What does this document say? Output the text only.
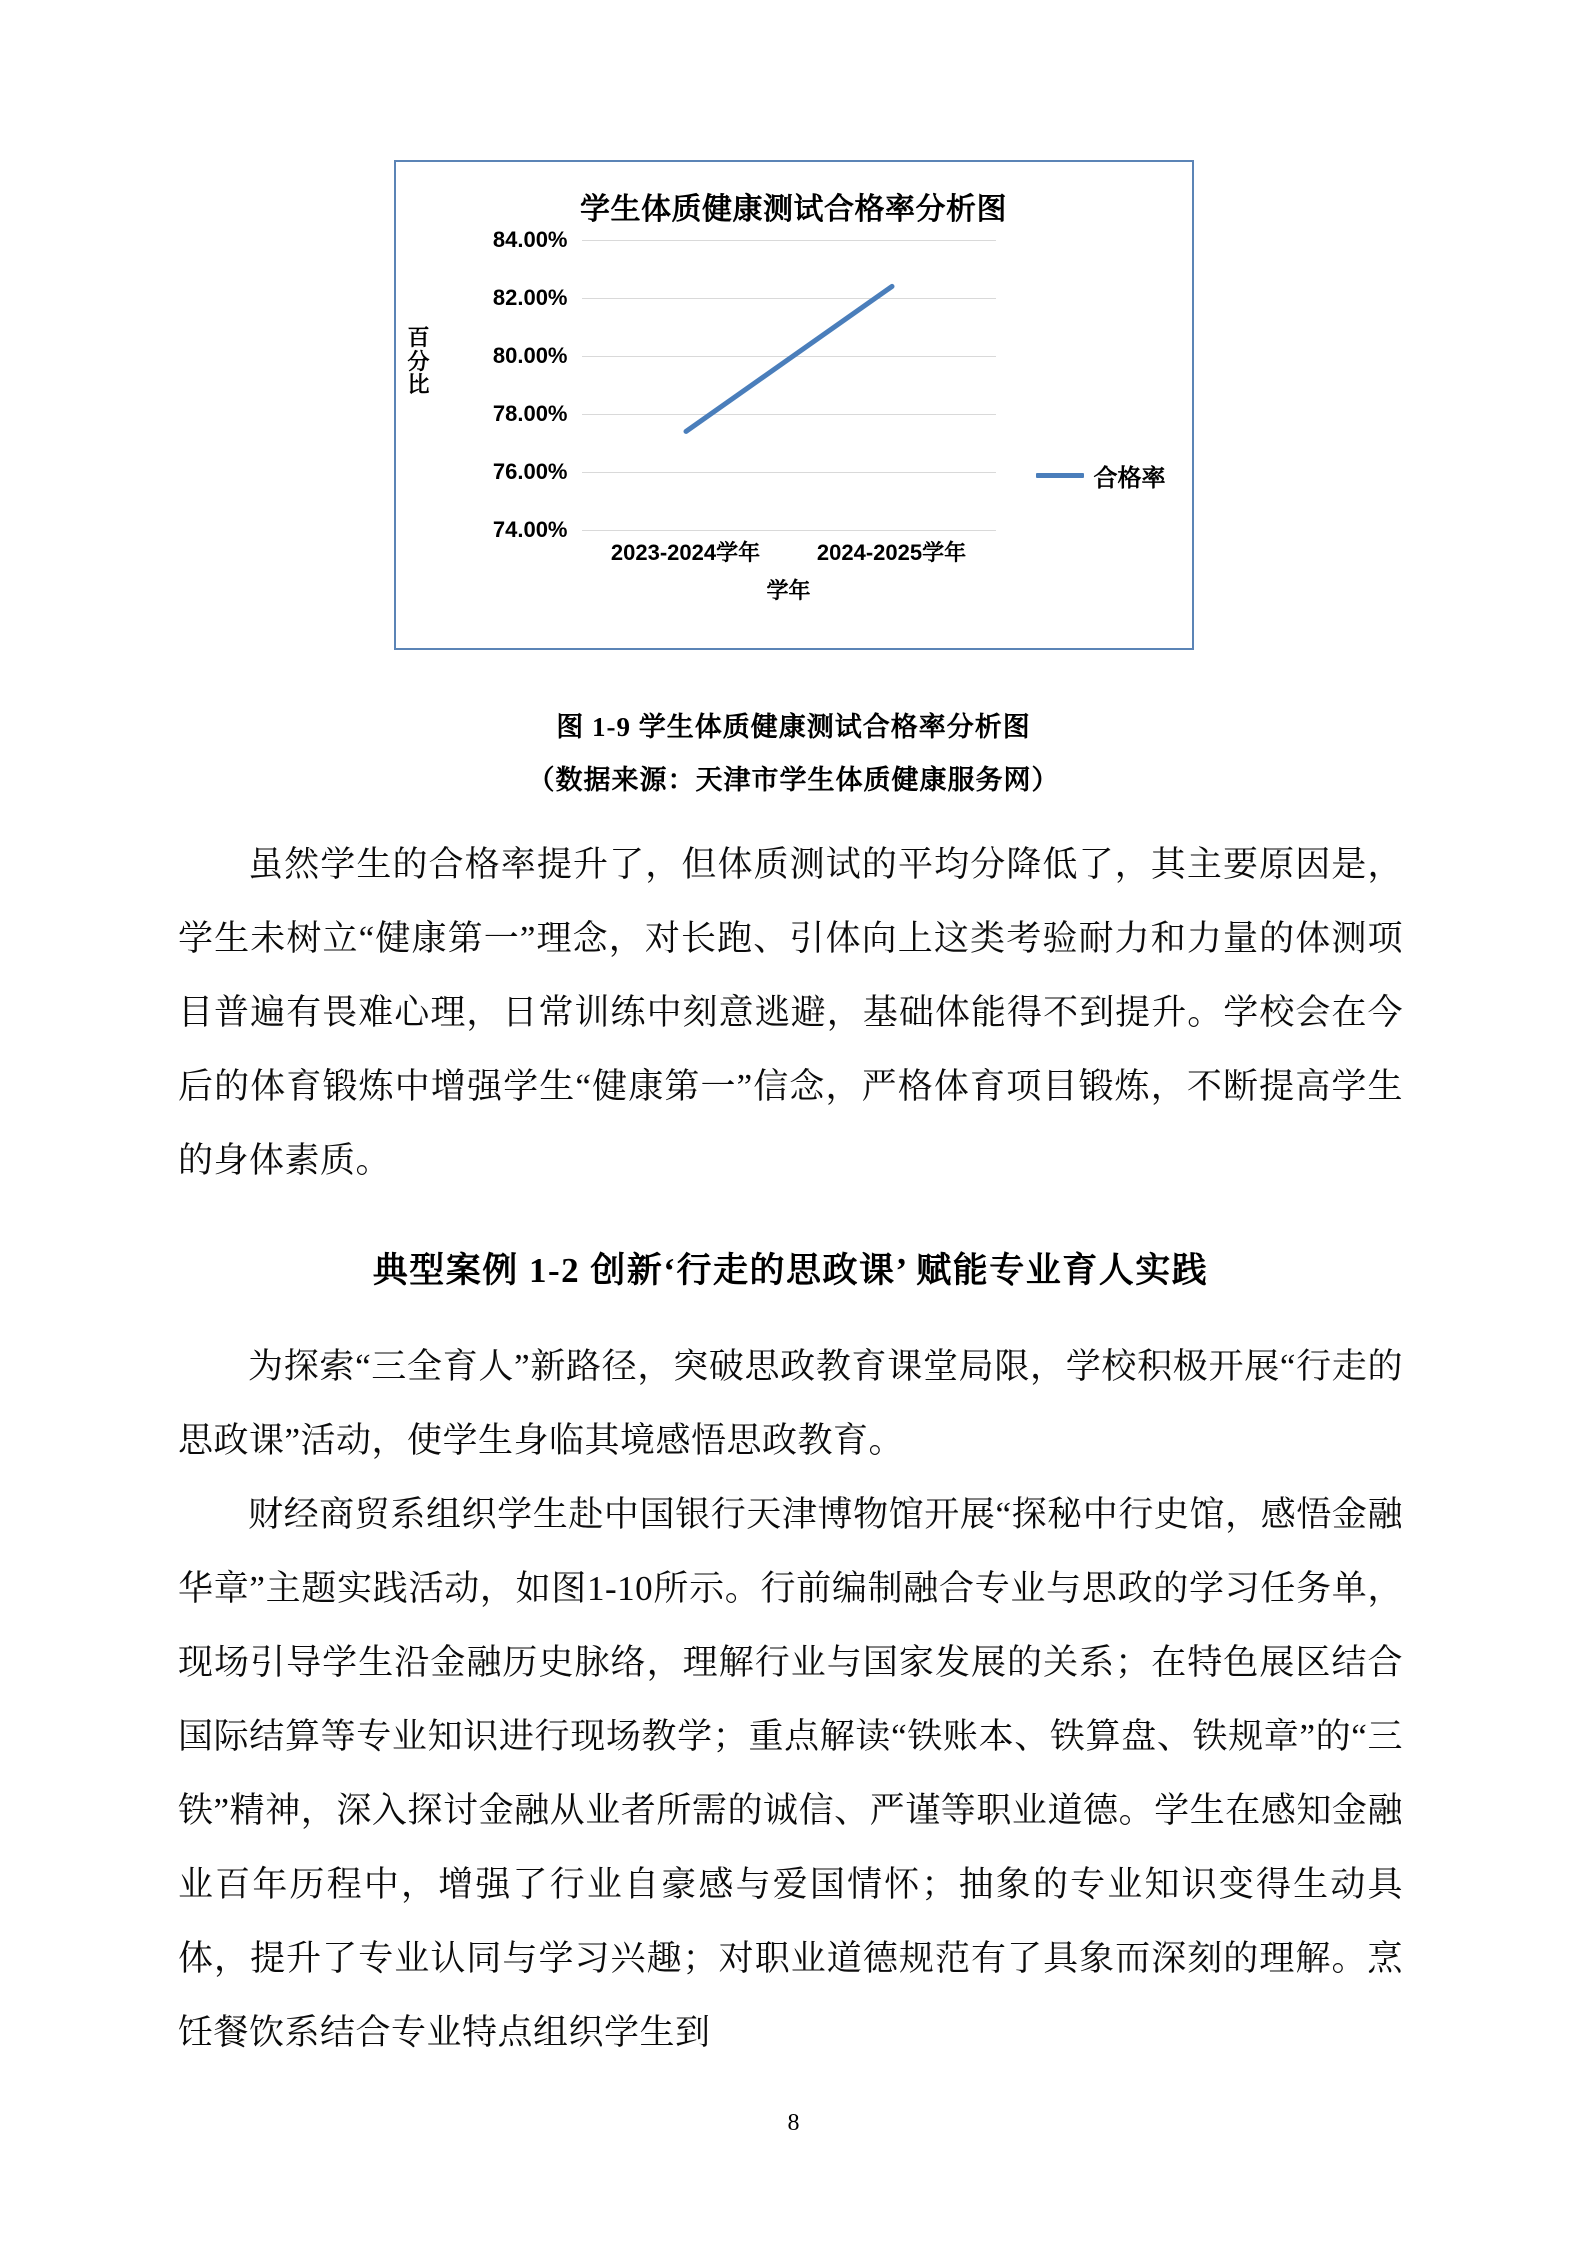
学生体质健康测试合格率分析图
百分比
84.00%
82.00%
80.00%
78.00%
76.00%
74.00%
2023-2024学年	2024-2025学年
学年
合格率
图 1-9 学生体质健康测试合格率分析图
（数据来源：天津市学生体质健康服务网）

虽然学生的合格率提升了，但体质测试的平均分降低了，其主要原因是，学生未树立“健康第一”理念，对长跑、引体向上这类考验耐力和力量的体测项目普遍有畏难心理，日常训练中刻意逃避，基础体能得不到提升。学校会在今后的体育锻炼中增强学生“健康第一”信念，严格体育项目锻炼，不断提高学生的身体素质。

典型案例 1-2 创新‘行走的思政课’ 赋能专业育人实践

为探索“三全育人”新路径，突破思政教育课堂局限，学校积极开展“行走的思政课”活动，使学生身临其境感悟思政教育。

财经商贸系组织学生赴中国银行天津博物馆开展“探秘中行史馆，感悟金融华章”主题实践活动，如图1-10所示。行前编制融合专业与思政的学习任务单，现场引导学生沿金融历史脉络，理解行业与国家发展的关系；在特色展区结合国际结算等专业知识进行现场教学；重点解读“铁账本、铁算盘、铁规章”的“三铁”精神，深入探讨金融从业者所需的诚信、严谨等职业道德。学生在感知金融业百年历程中，增强了行业自豪感与爱国情怀；抽象的专业知识变得生动具体，提升了专业认同与学习兴趣；对职业道德规范有了具象而深刻的理解。烹饪餐饮系结合专业特点组织学生到

8
